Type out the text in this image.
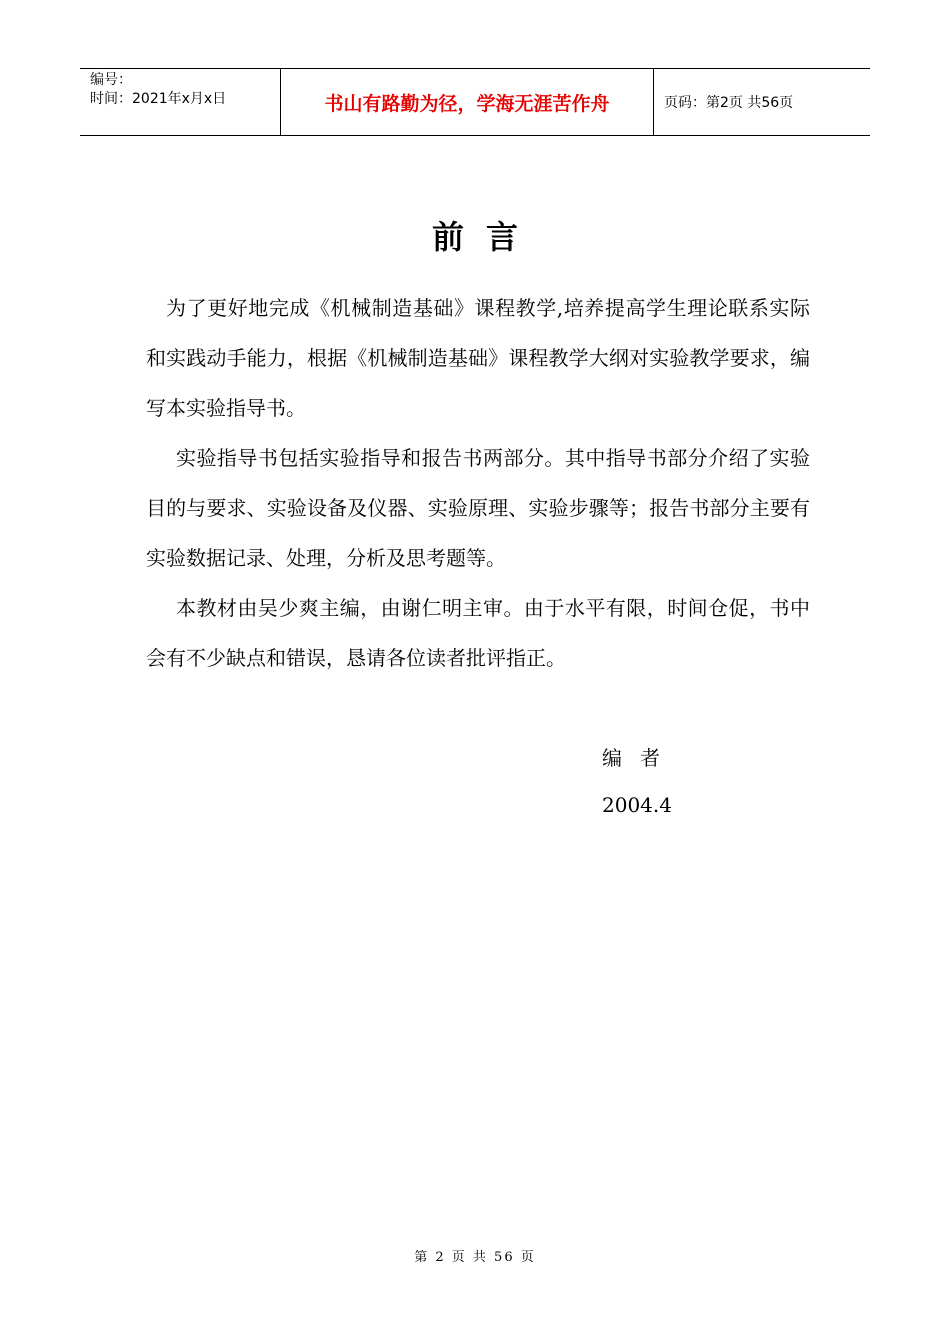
编号：
时间：2021年x月x日	书山有路勤为径，学海无涯苦作舟	页码：第2页 共56页
前言

为了更好地完成《机械制造基础》课程教学,培养提高学生理论联系实际和实践动手能力，根据《机械制造基础》课程教学大纲对实验教学要求，编写本实验指导书。

实验指导书包括实验指导和报告书两部分。其中指导书部分介绍了实验目的与要求、实验设备及仪器、实验原理、实验步骤等；报告书部分主要有实验数据记录、处理，分析及思考题等。

本教材由吴少爽主编，由谢仁明主审。由于水平有限，时间仓促，书中会有不少缺点和错误，恳请各位读者批评指正。

编者
2004.4
第 2 页 共 56 页
